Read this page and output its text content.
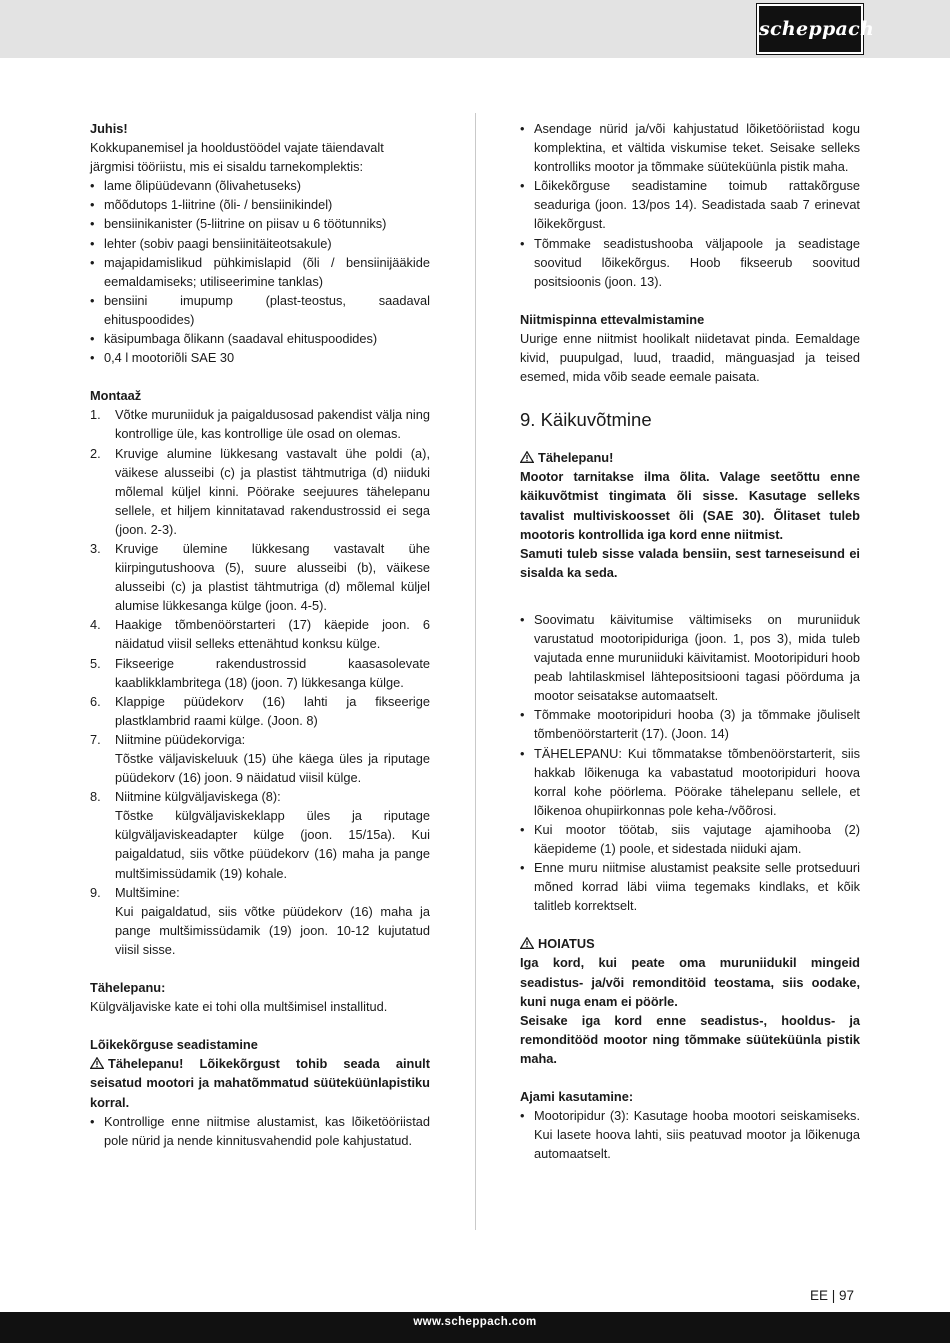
scheppach
Juhis!

Kokkupanemisel ja hooldustöödel vajate täiendavalt järgmisi tööriistu, mis ei sisaldu tarnekomplektis:

• lame õlipüüdevann (õlivahetuseks)
• mõõdutops 1-liitrine (õli- / bensiinikindel)
• bensiinikanister (5-liitrine on piisav u 6 töötunniks)
• lehter (sobiv paagi bensiinitäiteotsakule)
• majapidamislikud pühkimislapid (õli / bensiinijääkide eemaldamiseks; utiliseerimine tanklas)
• bensiini imupump (plast-teostus, saadaval ehituspoodides)
• käsipumbaga õlikann (saadaval ehituspoodides)
• 0,4 l mootoriõli SAE 30
Montaaž
1. Võtke muruniiduk ja paigaldusosad pakendist välja ning kontrollige üle, kas kontrollige üle osad on olemas.
2. Kruvige alumine lükkesang vastavalt ühe poldi (a), väikese alusseibi (c) ja plastist tähtmutriga (d) niiduki mõlemal küljel kinni. Pöörake seejuures tähelepanu sellele, et hiljem kinnitatavad rakendustrossid ei sega (joon. 2-3).
3. Kruvige ülemine lükkesang vastavalt ühe kiirpingutushoova (5), suure alusseibi (b), väikese alusseibi (c) ja plastist tähtmutriga (d) mõlemal küljel alumise lükkesanga külge (joon. 4-5).
4. Haakige tõmbenöörstarteri (17) käepide joon. 6 näidatud viisil selleks ettenähtud konksu külge.
5. Fikseerige rakendustrossid kaasasolevate kaablikklambritega (18) (joon. 7) lükkesanga külge.
6. Klappige püüdekorv (16) lahti ja fikseerige plastklambrid raami külge. (Joon. 8)
7. Niitmine püüdekorviga:
Tõstke väljaviskeluuk (15) ühe käega üles ja riputage püüdekorv (16) joon. 9 näidatud viisil külge.
8. Niitmine külgväljaviskega (8):
Tõstke külgväljaviskeklapp üles ja riputage külgväljaviskeadapter külge (joon. 15/15a). Kui paigaldatud, siis võtke püüdekorv (16) maha ja pange multšimissüdamik (19) kohale.
9. Multšimine:
Kui paigaldatud, siis võtke püüdekorv (16) maha ja pange multšimissüdamik (19) joon. 10-12 kujutatud viisil sisse.
Tähelepanu:

Külgväljaviske kate ei tohi olla multšimisel installitud.

Lõikekõrguse seadistamine

Tähelepanu! Lõikekõrgust tohib seada ainult seisatud mootori ja mahatõmmatud süüteküünlapistiku korral.

• Kontrollige enne niitmise alustamist, kas lõiketööriistad pole nürid ja nende kinnitusvahendid pole kahjustatud.
• Asendage nürid ja/või kahjustatud lõiketööriistad kogu komplektina, et vältida viskumise teket. Seisake selleks kontrolliks mootor ja tõmmake süüteküünla pistik maha.
• Lõikekõrguse seadistamine toimub rattakõrguse seaduriga (joon. 13/pos 14). Seadistada saab 7 erinevat lõikekõrgust.
• Tõmmake seadistushooba väljapoole ja seadistage soovitud lõikekõrgus. Hoob fikseerub soovitud positsioonis (joon. 13).
Niitmispinna ettevalmistamine

Uurige enne niitmist hoolikalt niidetavat pinda. Eemaldage kivid, puupulgad, luud, traadid, mänguasjad ja teised esemed, mida võib seade eemale paisata.

9. Käikuvõtmine
Tähelepanu!

Mootor tarnitakse ilma õlita. Valage seetõttu enne käikuvõtmist tingimata õli sisse. Kasutage selleks tavalist multiviskoosset õli (SAE 30). Õlitaset tuleb mootoris kontrollida iga kord enne niitmist.

Samuti tuleb sisse valada bensiin, sest tarneseisund ei sisalda ka seda.

• Soovimatu käivitumise vältimiseks on muruniiduk varustatud mootoripiduriga (joon. 1, pos 3), mida tuleb vajutada enne muruniiduki käivitamist. Mootoripiduri hoob peab lahtilaskmisel lähtepositsiooni tagasi pöörduma ja mootor seisatakse automaatselt.
• Tõmmake mootoripiduri hooba (3) ja tõmmake jõuliselt tõmbenöörstarterit (17). (Joon. 14)
• TÄHELEPANU: Kui tõmmatakse tõmbenöörstarterit, siis hakkab lõikenuga ka vabastatud mootoripiduri hoova korral kohe pöörlema. Pöörake tähelepanu sellele, et lõikenoa ohupiirkonnas pole keha-/võõrosi.
• Kui mootor töötab, siis vajutage ajamihooba (2) käepideme (1) poole, et sidestada niiduki ajam.
• Enne muru niitmise alustamist peaksite selle protseduuri mõned korrad läbi viima tegemaks kindlaks, et kõik talitleb korrektselt.
HOIATUS

Iga kord, kui peate oma muruniidukil mingeid seadistus- ja/või remonditöid teostama, siis oodake, kuni nuga enam ei pöörle.

Seisake iga kord enne seadistus-, hooldus- ja remonditööd mootor ning tõmmake süüteküünla pistik maha.

Ajami kasutamine:
• Mootoripidur (3): Kasutage hooba mootori seiskamiseks. Kui lasete hoova lahti, siis peatuvad mootor ja lõikenuga automaatselt.
EE | 97
www.scheppach.com
